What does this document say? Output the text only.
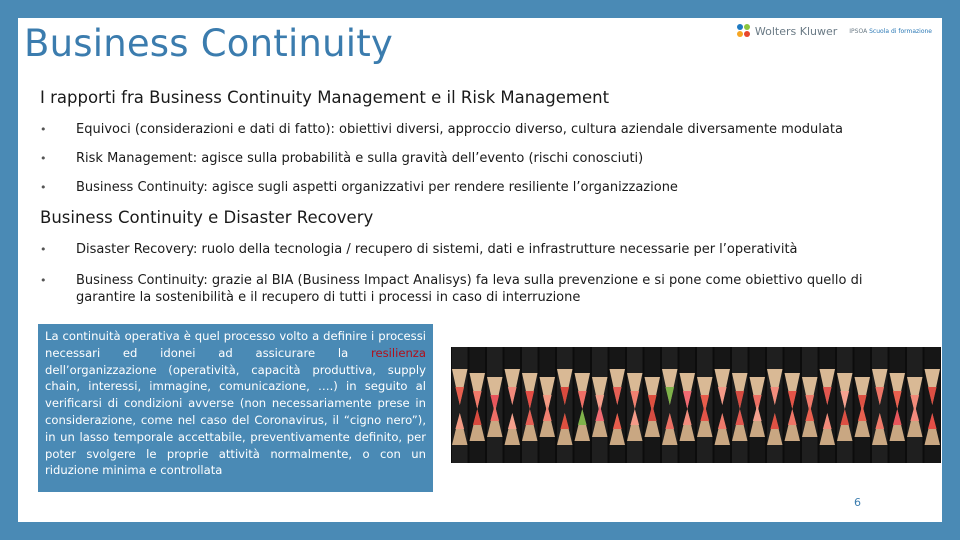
Business Continuity	Wolters Kluwer IPSOA Scuola di formazione
I rapporti fra Business Continuity Management e il Risk Management
• Equivoci (considerazioni e dati di fatto): obiettivi diversi, approccio diverso, cultura aziendale diversamente modulata
• Risk Management: agisce sulla probabilità e sulla gravità dell’evento (rischi conosciuti)
• Business Continuity: agisce sugli aspetti organizzativi per rendere resiliente l’organizzazione
Business Continuity e Disaster Recovery
• Disaster Recovery: ruolo della tecnologia / recupero di sistemi, dati e infrastrutture necessarie per l’operatività
• Business Continuity: grazie al BIA (Business Impact Analisys) fa leva sulla prevenzione e si pone come obiettivo quello di garantire la sostenibilità e il recupero di tutti i processi in caso di interruzione
La continuità operativa è quel processo volto a definire i processi necessari ed idonei ad assicurare la resilienza dell’organizzazione (operatività, capacità produttiva, supply chain, interessi, immagine, comunicazione, ….) in seguito al verificarsi di condizioni avverse (non necessariamente prese in considerazione, come nel caso del Coronavirus, il “cigno nero”), in un lasso temporale accettabile, preventivamente definito, per poter svolgere le proprie attività normalmente, o con un riduzione minima e controllata
6
